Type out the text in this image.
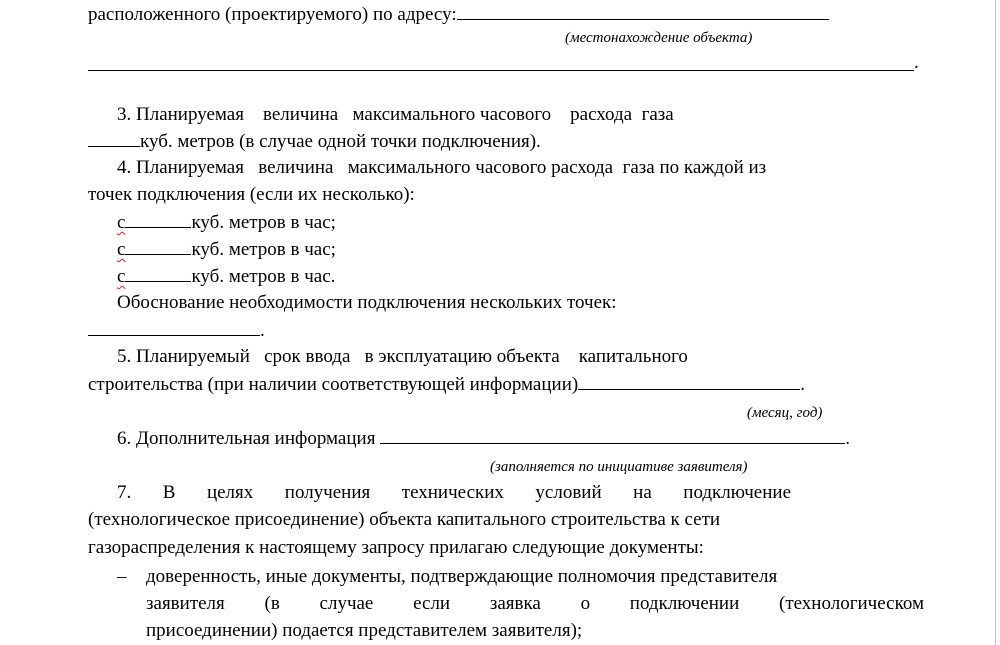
расположенного (проектируемого) по адресу:
(местонахождение объекта)
.
3. Планируемая    величина   максимального часового    расхода  газа
куб. метров (в случае одной точки подключения).
4. Планируемая   величина   максимального часового расхода  газа по каждой из
точек подключения (если их несколько):
с	куб. метров в час;
с	куб. метров в час;
с	куб. метров в час.
Обоснование необходимости подключения нескольких точек:
.
5. Планируемый   срок ввода   в эксплуатацию объекта    капитального
строительства (при наличии соответствующей информации)	.
(месяц, год)
6. Дополнительная информация	.
(заполняется по инициативе заявителя)
7. В целях получения технических условий на подключение
(технологическое присоединение) объекта капитального строительства к сети
газораспределения к настоящему запросу прилагаю следующие документы:
– доверенность, иные документы, подтверждающие полномочия представителя
заявителя (в случае если заявка о подключении (технологическом
присоединении) подается представителем заявителя);
